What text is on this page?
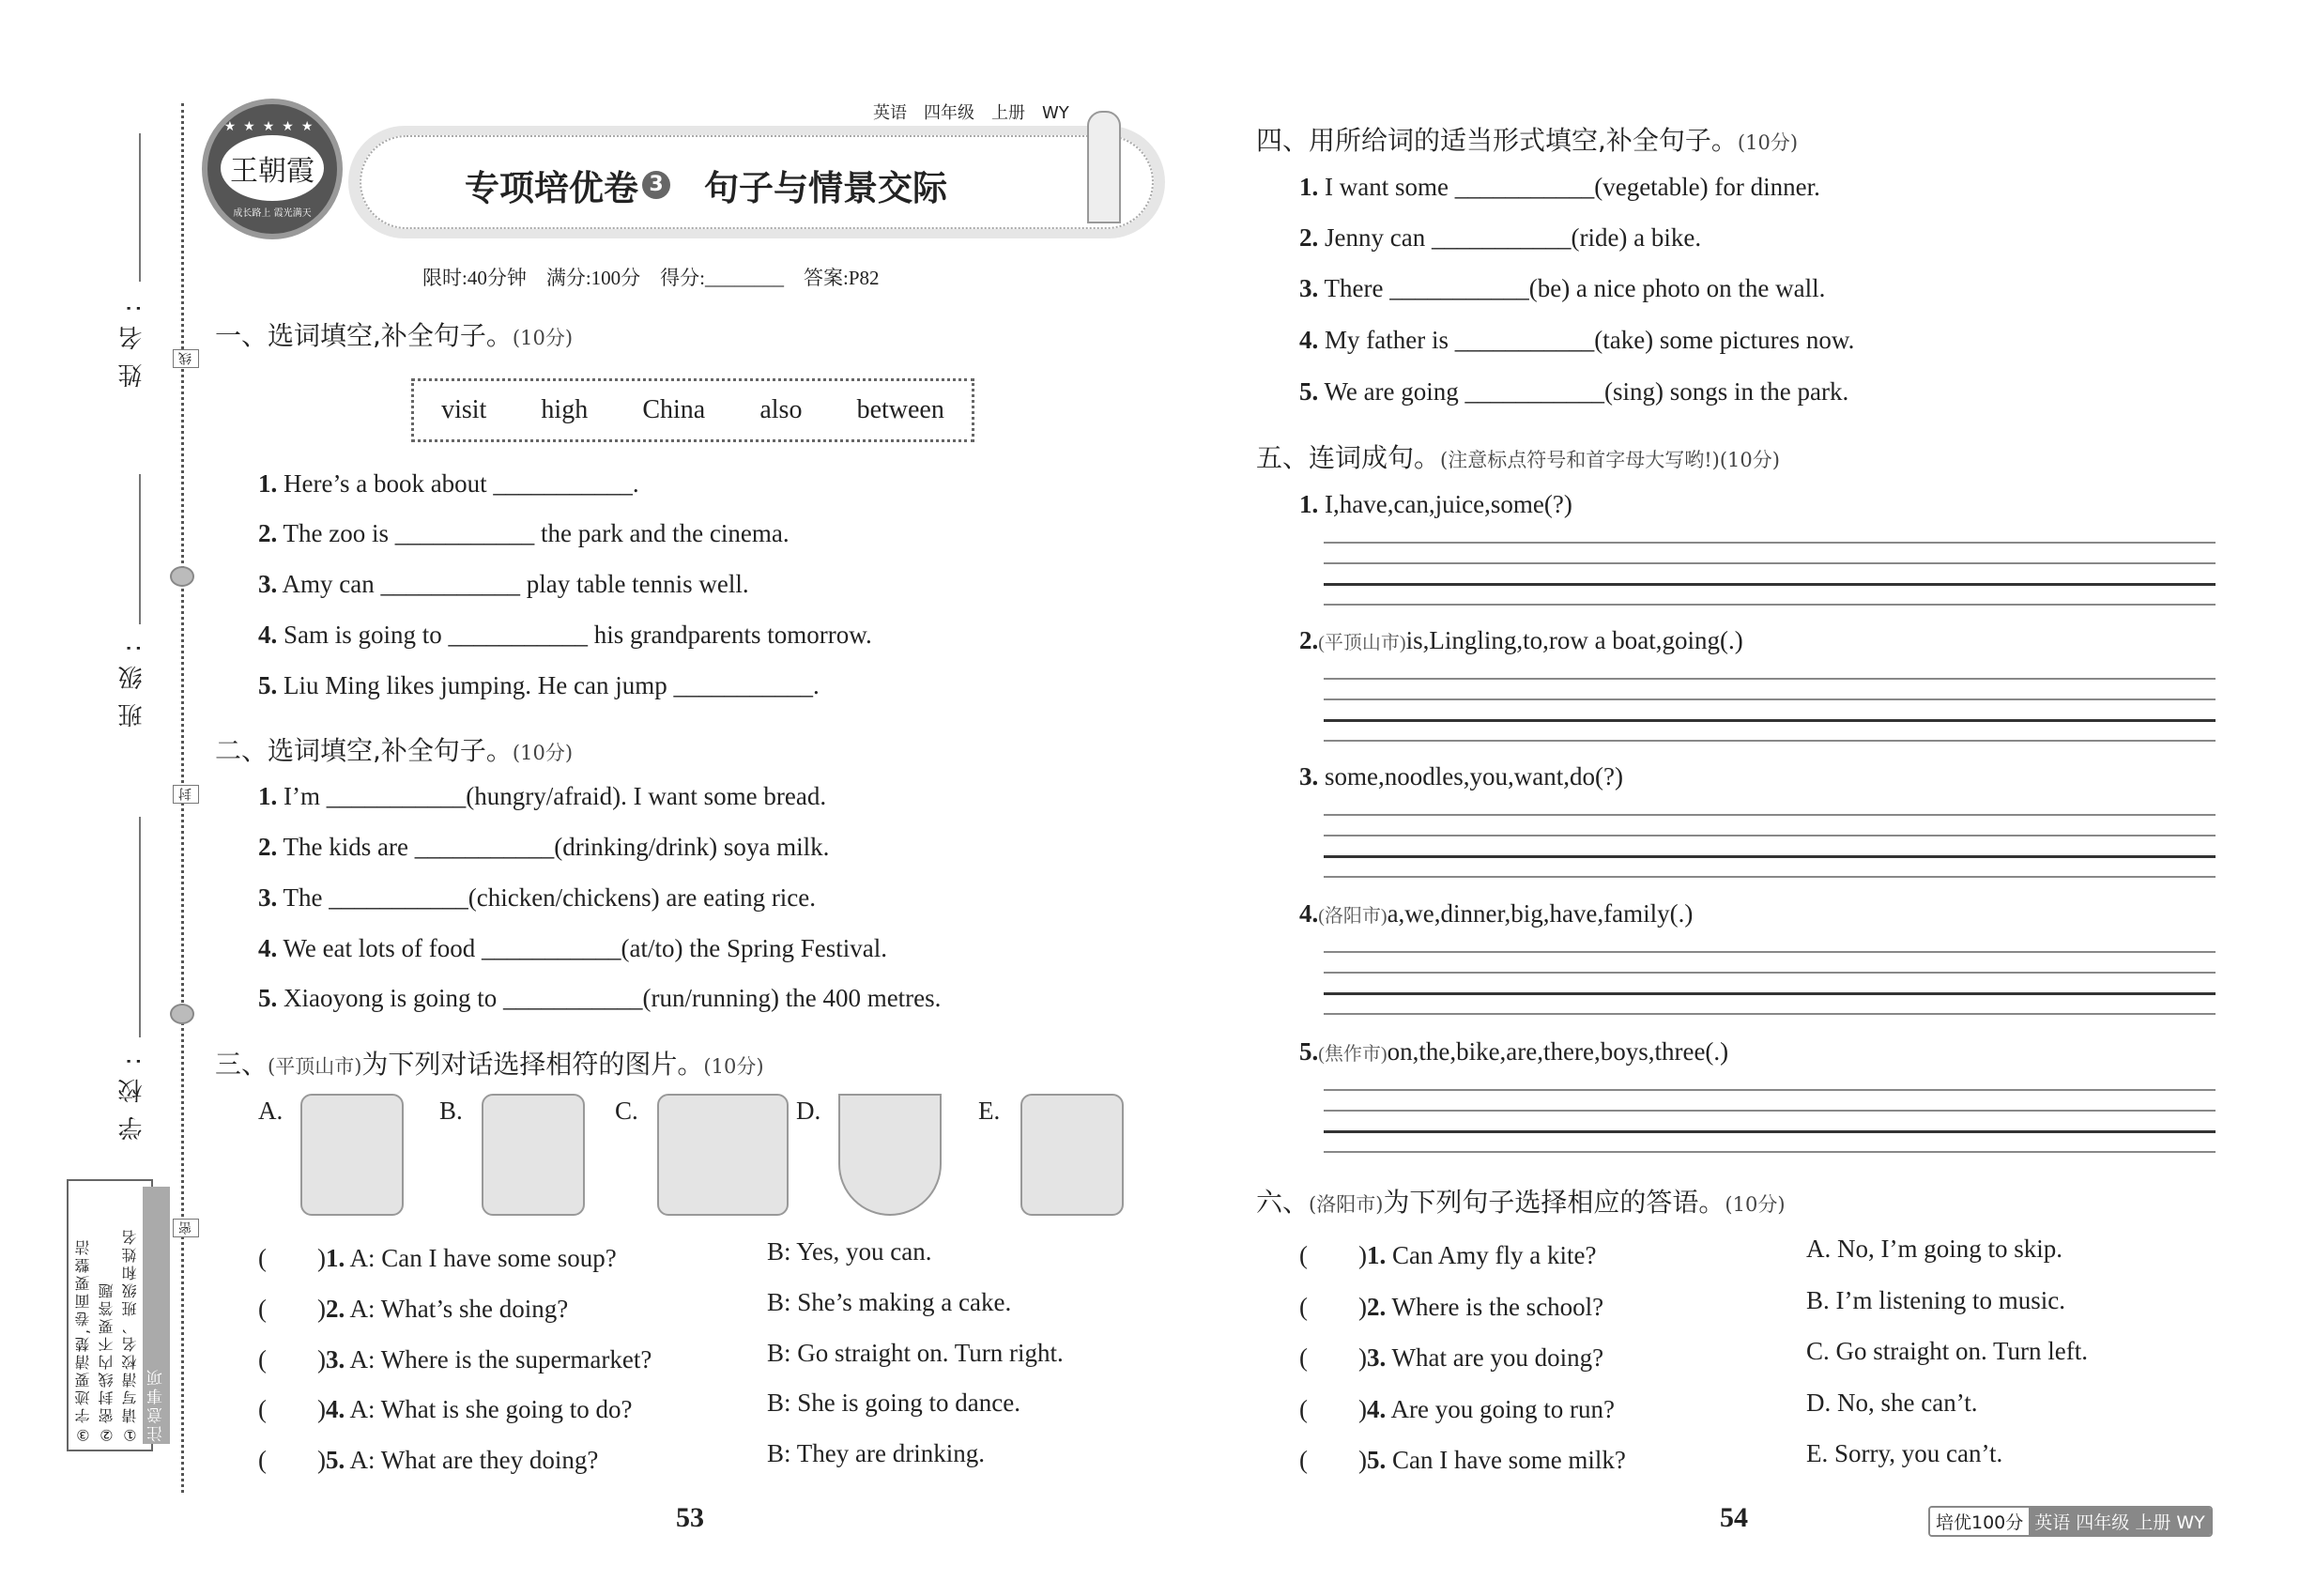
姓名:
班级:
学校:
线
封
密
注意事项
①请写清校名、班级和姓名
②密封线内不要答题
③字迹要清楚,卷面要整洁
★★★★★
王朝霞
成长路上 霞光满天
英语　四年级　上册　WY
专项培优卷 3 句子与情景交际
限时:40分钟　满分:100分　得分:________　答案:P82
一、选词填空,补全句子。(10分)
visit high China also between
1. Here’s a book about ___________.
2. The zoo is ___________ the park and the cinema.
3. Amy can ___________ play table tennis well.
4. Sam is going to ___________ his grandparents tomorrow.
5. Liu Ming likes jumping. He can jump ___________.
二、选词填空,补全句子。(10分)
1. I’m ___________(hungry/afraid). I want some bread.
2. The kids are ___________(drinking/drink) soya milk.
3. The ___________(chicken/chickens) are eating rice.
4. We eat lots of food ___________(at/to) the Spring Festival.
5. Xiaoyong is going to ___________(run/running) the 400 metres.
三、(平顶山市)为下列对话选择相符的图片。(10分)
A.	B.	C.	D.	E.
(　　)1. A: Can I have some soup?	B: Yes, you can.
(　　)2. A: What’s she doing?	B: She’s making a cake.
(　　)3. A: Where is the supermarket?	B: Go straight on. Turn right.
(　　)4. A: What is she going to do?	B: She is going to dance.
(　　)5. A: What are they doing?	B: They are drinking.
53
四、用所给词的适当形式填空,补全句子。(10分)
1. I want some ___________(vegetable) for dinner.
2. Jenny can ___________(ride) a bike.
3. There ___________(be) a nice photo on the wall.
4. My father is ___________(take) some pictures now.
5. We are going ___________(sing) songs in the park.
五、连词成句。(注意标点符号和首字母大写哟!)(10分)
1. I,have,can,juice,some(?)
2.(平顶山市)is,Lingling,to,row a boat,going(.)
3. some,noodles,you,want,do(?)
4.(洛阳市)a,we,dinner,big,have,family(.)
5.(焦作市)on,the,bike,are,there,boys,three(.)
六、(洛阳市)为下列句子选择相应的答语。(10分)
(　　)1. Can Amy fly a kite?	A. No, I’m going to skip.
(　　)2. Where is the school?	B. I’m listening to music.
(　　)3. What are you doing?	C. Go straight on. Turn left.
(　　)4. Are you going to run?	D. No, she can’t.
(　　)5. Can I have some milk?	E. Sorry, you can’t.
54	培优100分 英语 四年级 上册 WY
